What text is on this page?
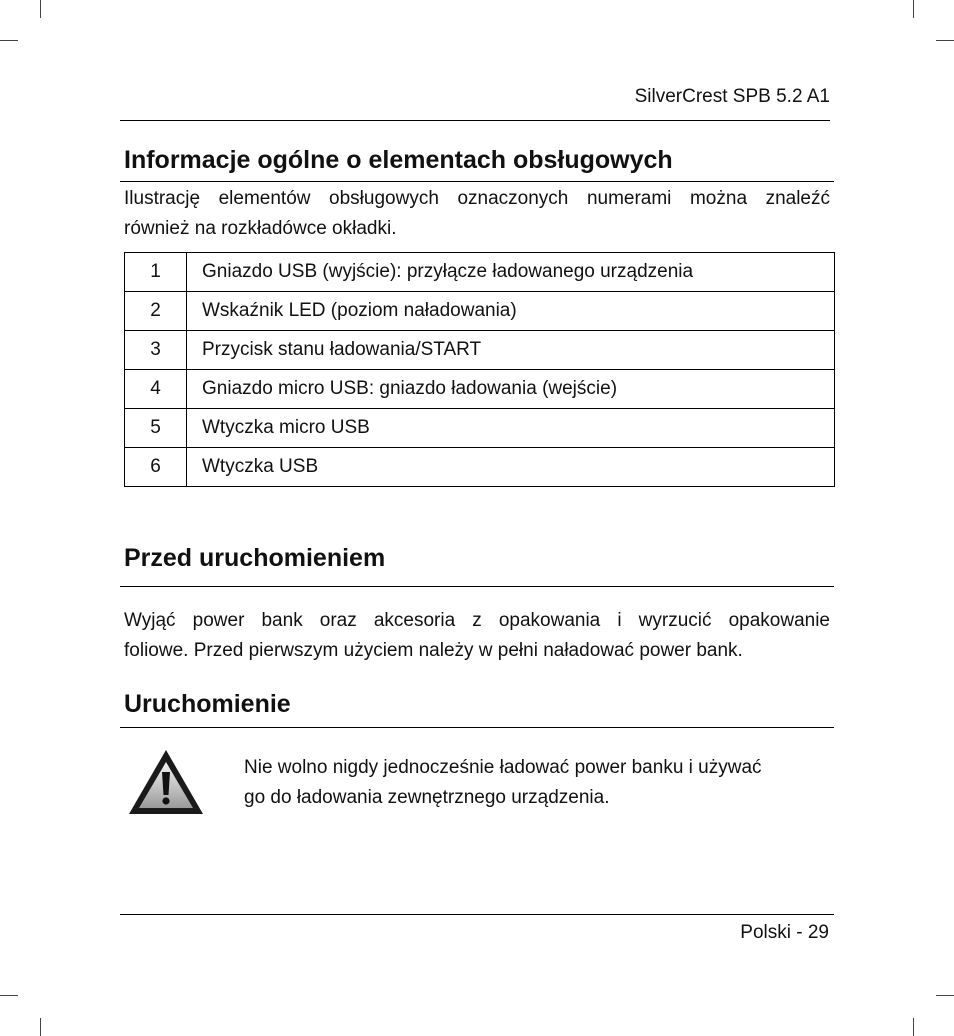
SilverCrest SPB 5.2 A1
Informacje ogólne o elementach obsługowych
Ilustrację elementów obsługowych oznaczonych numerami można znaleźć
również na rozkładówce okładki.
1	Gniazdo USB (wyjście): przyłącze ładowanego urządzenia
2	Wskaźnik LED (poziom naładowania)
3	Przycisk stanu ładowania/START
4	Gniazdo micro USB: gniazdo ładowania (wejście)
5	Wtyczka micro USB
6	Wtyczka USB
Przed uruchomieniem
Wyjąć power bank oraz akcesoria z opakowania i wyrzucić opakowanie
foliowe. Przed pierwszym użyciem należy w pełni naładować power bank.
Uruchomienie
Nie wolno nigdy jednocześnie ładować power banku i używać
go do ładowania zewnętrznego urządzenia.
Polski - 29
